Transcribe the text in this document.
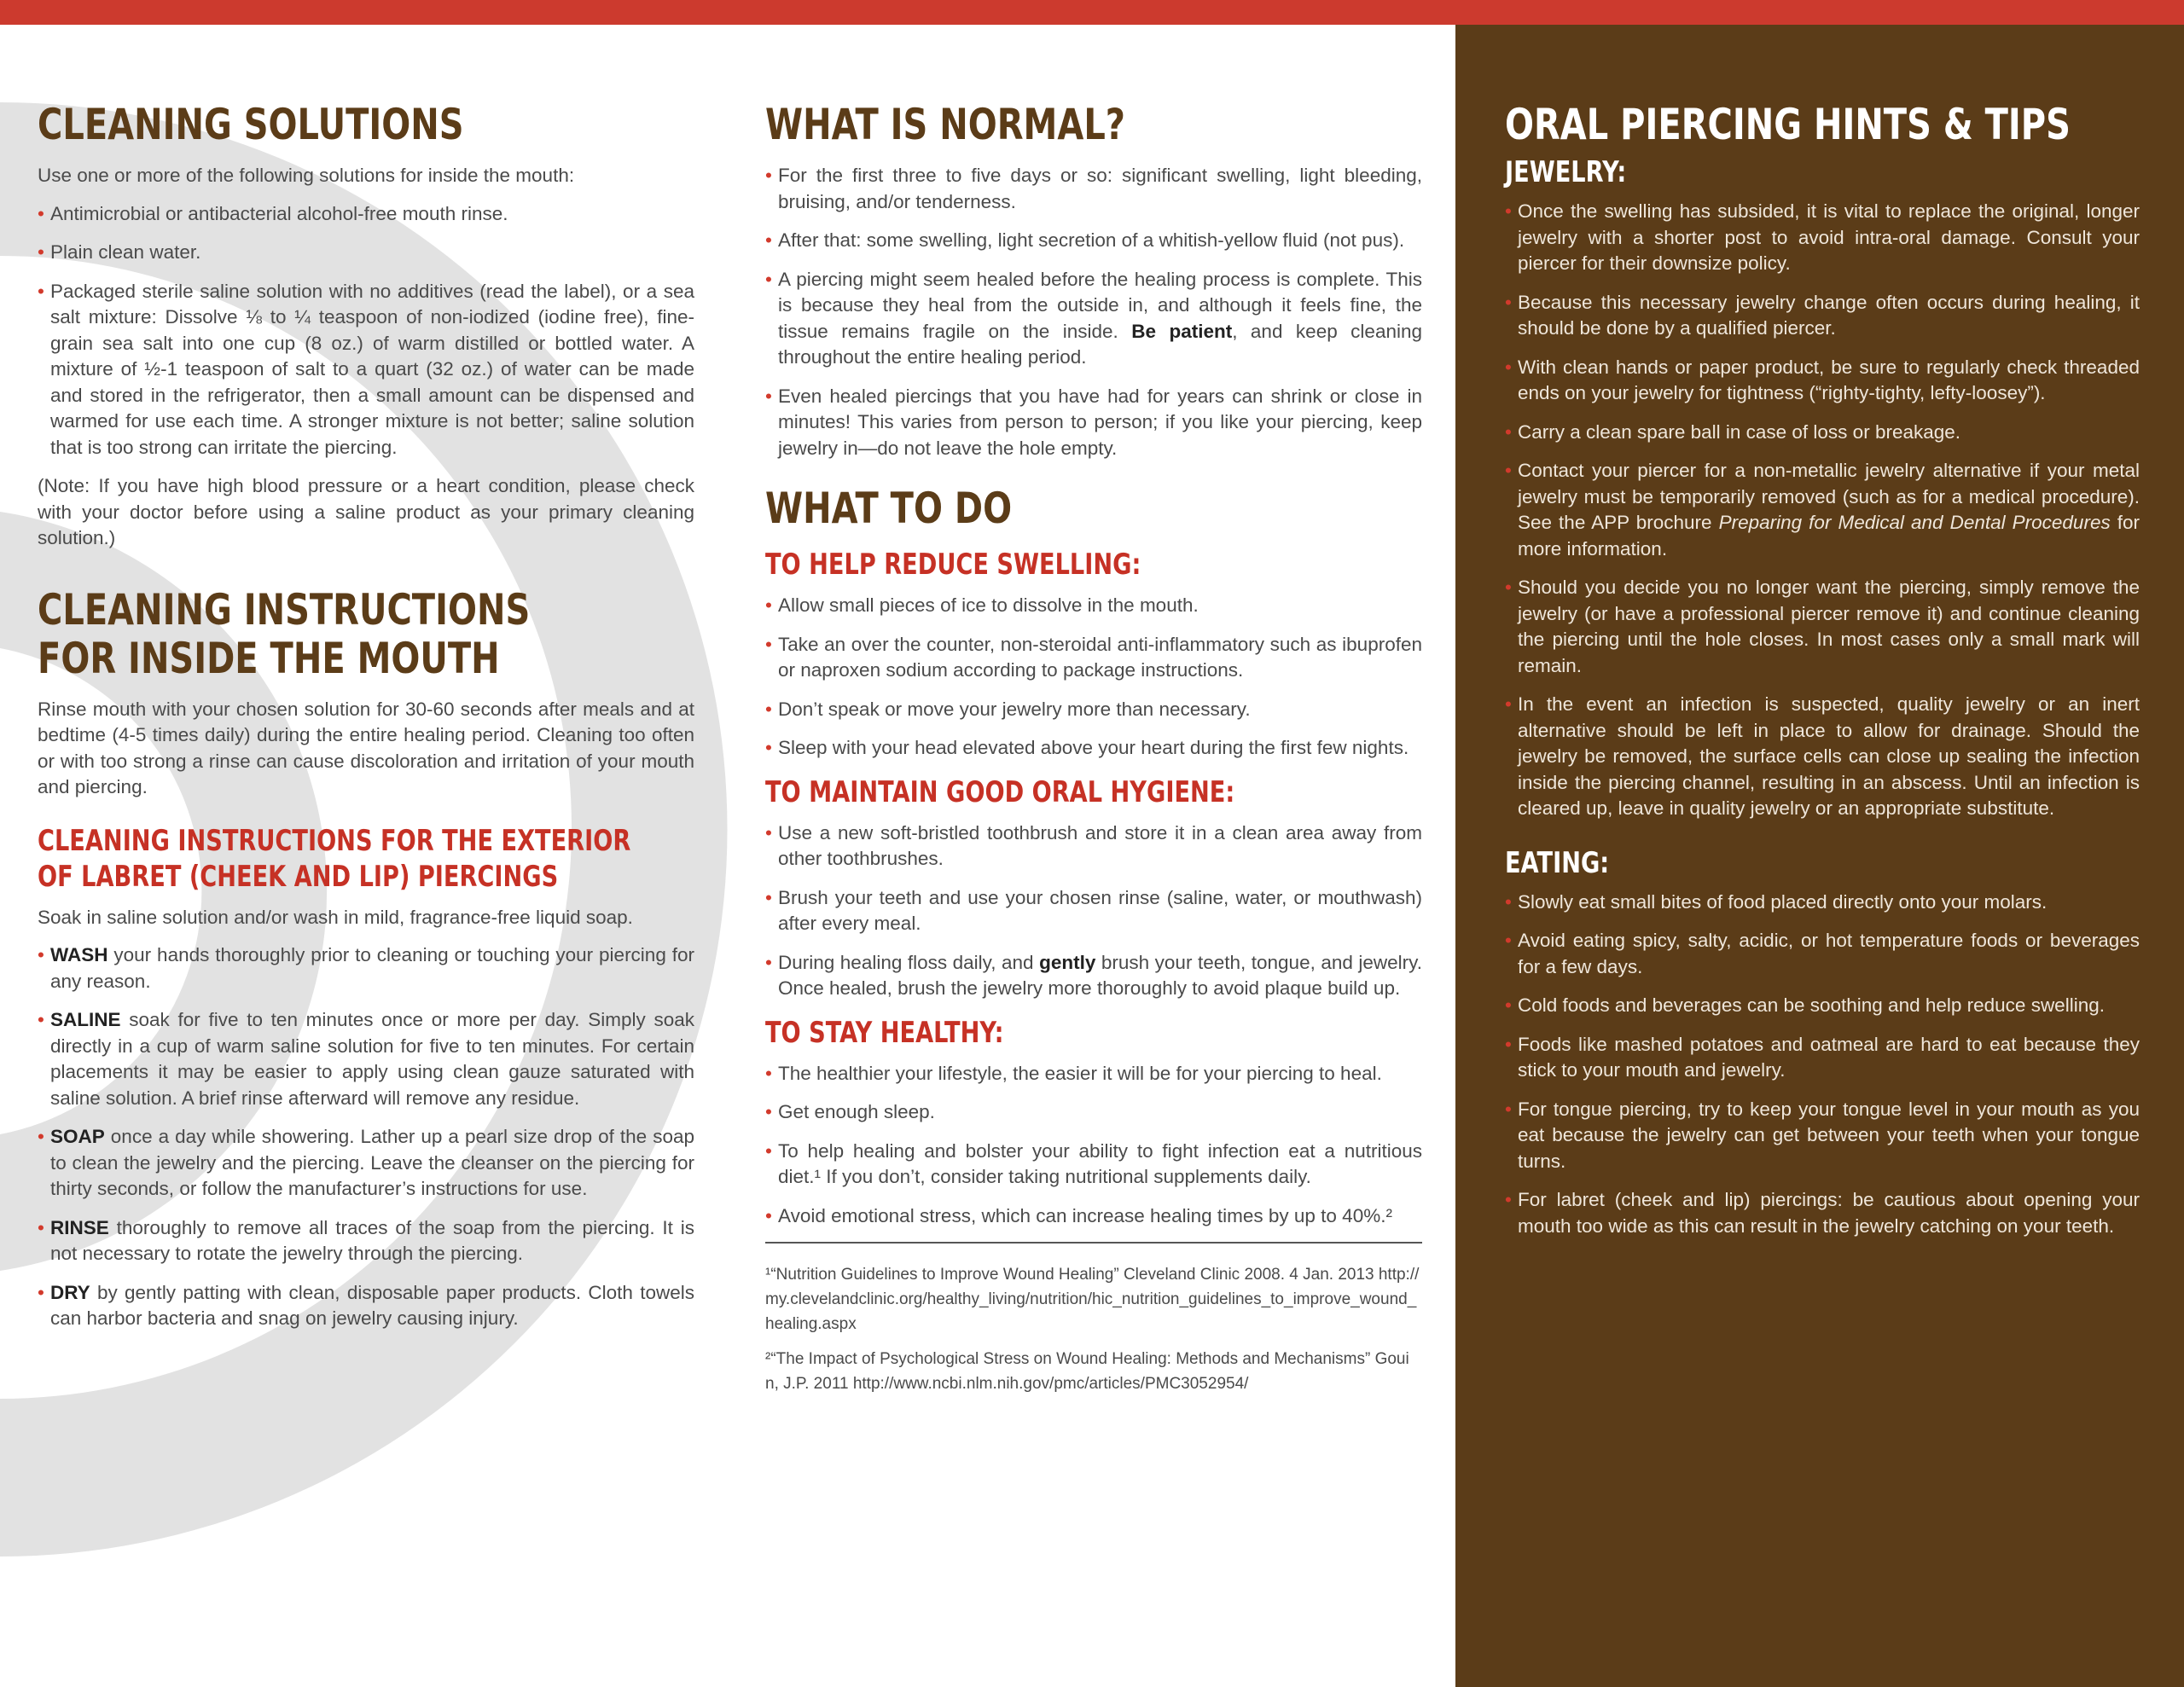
CLEANING SOLUTIONS

Use one or more of the following solutions for inside the mouth:

• Antimicrobial or antibacterial alcohol-free mouth rinse.
• Plain clean water.
• Packaged sterile saline solution with no additives (read the label), or a sea salt mixture: Dissolve ⅛ to ¼ teaspoon of non-iodized (iodine free), fine-grain sea salt into one cup (8 oz.) of warm distilled or bottled water. A mixture of ½-1 teaspoon of salt to a quart (32 oz.) of water can be made and stored in the refrigerator, then a small amount can be dispensed and warmed for use each time. A stronger mixture is not better; saline solution that is too strong can irritate the piercing.

(Note: If you have high blood pressure or a heart condition, please check with your doctor before using a saline product as your primary cleaning solution.)

CLEANING INSTRUCTIONS
FOR INSIDE THE MOUTH

Rinse mouth with your chosen solution for 30-60 seconds after meals and at bedtime (4-5 times daily) during the entire healing period. Cleaning too often or with too strong a rinse can cause discoloration and irritation of your mouth and piercing.

CLEANING INSTRUCTIONS FOR THE EXTERIOR
OF LABRET (CHEEK AND LIP) PIERCINGS

Soak in saline solution and/or wash in mild, fragrance-free liquid soap.

• WASH your hands thoroughly prior to cleaning or touching your piercing for any reason.
• SALINE soak for five to ten minutes once or more per day. Simply soak directly in a cup of warm saline solution for five to ten minutes. For certain placements it may be easier to apply using clean gauze saturated with saline solution. A brief rinse afterward will remove any residue.
• SOAP once a day while showering. Lather up a pearl size drop of the soap to clean the jewelry and the piercing. Leave the cleanser on the piercing for thirty seconds, or follow the manufacturer’s instructions for use.
• RINSE thoroughly to remove all traces of the soap from the piercing. It is not necessary to rotate the jewelry through the piercing.
• DRY by gently patting with clean, disposable paper products. Cloth towels can harbor bacteria and snag on jewelry causing injury.
WHAT IS NORMAL?
• For the first three to five days or so: significant swelling, light bleeding, bruising, and/or tenderness.
• After that: some swelling, light secretion of a whitish-yellow fluid (not pus).
• A piercing might seem healed before the healing process is complete. This is because they heal from the outside in, and although it feels fine, the tissue remains fragile on the inside. Be patient, and keep cleaning throughout the entire healing period.
• Even healed piercings that you have had for years can shrink or close in minutes! This varies from person to person; if you like your piercing, keep jewelry in—do not leave the hole empty.
WHAT TO DO
TO HELP REDUCE SWELLING:
• Allow small pieces of ice to dissolve in the mouth.
• Take an over the counter, non-steroidal anti-inflammatory such as ibuprofen or naproxen sodium according to package instructions.
• Don’t speak or move your jewelry more than necessary.
• Sleep with your head elevated above your heart during the first few nights.
TO MAINTAIN GOOD ORAL HYGIENE:
• Use a new soft-bristled toothbrush and store it in a clean area away from other toothbrushes.
• Brush your teeth and use your chosen rinse (saline, water, or mouthwash) after every meal.
• During healing floss daily, and gently brush your teeth, tongue, and jewelry. Once healed, brush the jewelry more thoroughly to avoid plaque build up.
TO STAY HEALTHY:
• The healthier your lifestyle, the easier it will be for your piercing to heal.
• Get enough sleep.
• To help healing and bolster your ability to fight infection eat a nutritious diet.¹ If you don’t, consider taking nutritional supplements daily.
• Avoid emotional stress, which can increase healing times by up to 40%.²

¹“Nutrition Guidelines to Improve Wound Healing” Cleveland Clinic 2008. 4 Jan. 2013 http://my.clevelandclinic.org/healthy_living/nutrition/hic_nutrition_guidelines_to_improve_wound_healing.aspx

²“The Impact of Psychological Stress on Wound Healing: Methods and Mechanisms” Gouin, J.P. 2011 http://www.ncbi.nlm.nih.gov/pmc/articles/PMC3052954/

ORAL PIERCING HINTS & TIPS
JEWELRY:
• Once the swelling has subsided, it is vital to replace the original, longer jewelry with a shorter post to avoid intra-oral damage. Consult your piercer for their downsize policy.
• Because this necessary jewelry change often occurs during healing, it should be done by a qualified piercer.
• With clean hands or paper product, be sure to regularly check threaded ends on your jewelry for tightness (“righty-tighty, lefty-loosey”).
• Carry a clean spare ball in case of loss or breakage.
• Contact your piercer for a non-metallic jewelry alternative if your metal jewelry must be temporarily removed (such as for a medical procedure). See the APP brochure Preparing for Medical and Dental Procedures for more information.
• Should you decide you no longer want the piercing, simply remove the jewelry (or have a professional piercer remove it) and continue cleaning the piercing until the hole closes. In most cases only a small mark will remain.
• In the event an infection is suspected, quality jewelry or an inert alternative should be left in place to allow for drainage. Should the jewelry be removed, the surface cells can close up sealing the infection inside the piercing channel, resulting in an abscess. Until an infection is cleared up, leave in quality jewelry or an appropriate substitute.
EATING:
• Slowly eat small bites of food placed directly onto your molars.
• Avoid eating spicy, salty, acidic, or hot temperature foods or beverages for a few days.
• Cold foods and beverages can be soothing and help reduce swelling.
• Foods like mashed potatoes and oatmeal are hard to eat because they stick to your mouth and jewelry.
• For tongue piercing, try to keep your tongue level in your mouth as you eat because the jewelry can get between your teeth when your tongue turns.
• For labret (cheek and lip) piercings: be cautious about opening your mouth too wide as this can result in the jewelry catching on your teeth.
